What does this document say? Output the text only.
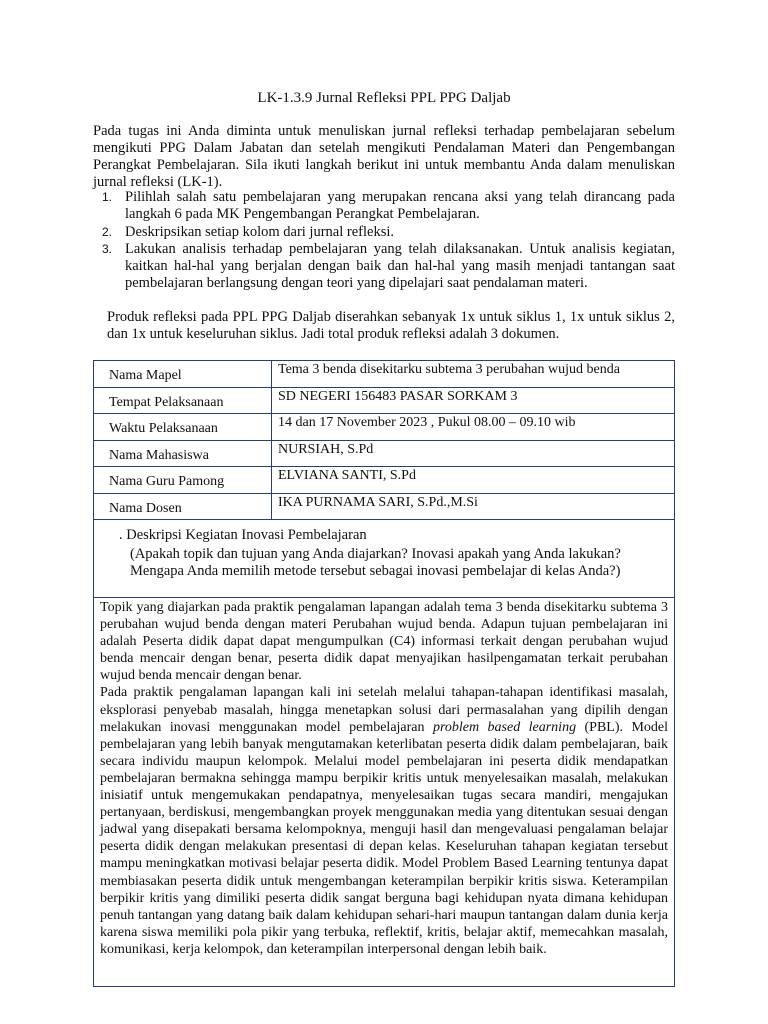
LK-1.3.9 Jurnal Refleksi PPL PPG Daljab

Pada tugas ini Anda diminta untuk menuliskan jurnal refleksi terhadap pembelajaran sebelum mengikuti PPG Dalam Jabatan dan setelah mengikuti Pendalaman Materi dan Pengembangan Perangkat Pembelajaran. Sila ikuti langkah berikut ini untuk membantu Anda dalam menuliskan jurnal refleksi (LK-1).

1. Pilihlah salah satu pembelajaran yang merupakan rencana aksi yang telah dirancang pada langkah 6 pada MK Pengembangan Perangkat Pembelajaran.
2. Deskripsikan setiap kolom dari jurnal refleksi.
3. Lakukan analisis terhadap pembelajaran yang telah dilaksanakan. Untuk analisis kegiatan, kaitkan hal-hal yang berjalan dengan baik dan hal-hal yang masih menjadi tantangan saat pembelajaran berlangsung dengan teori yang dipelajari saat pendalaman materi.
Produk refleksi pada PPL PPG Daljab diserahkan sebanyak 1x untuk siklus 1, 1x untuk siklus 2, dan 1x untuk keseluruhan siklus. Jadi total produk refleksi adalah 3 dokumen.
Nama Mapel	Tema 3 benda disekitarku subtema 3 perubahan wujud benda
Tempat Pelaksanaan	SD NEGERI 156483 PASAR SORKAM 3
Waktu Pelaksanaan	14 dan 17 November 2023 , Pukul 08.00 – 09.10 wib
Nama Mahasiswa	NURSIAH, S.Pd
Nama Guru Pamong	ELVIANA SANTI, S.Pd
Nama Dosen	IKA PURNAMA SARI, S.Pd.,M.Si
. Deskripsi Kegiatan Inovasi Pembelajaran
(Apakah topik dan tujuan yang Anda diajarkan? Inovasi apakah yang Anda lakukan?Mengapa Anda memilih metode tersebut sebagai inovasi pembelajar di kelas Anda?)

Topik yang diajarkan pada praktik pengalaman lapangan adalah tema 3 benda disekitarku subtema 3 perubahan wujud benda dengan materi Perubahan wujud benda. Adapun tujuan pembelajaran ini adalah Peserta didik dapat dapat mengumpulkan (C4) informasi terkait dengan perubahan wujud benda mencair dengan benar, peserta didik dapat menyajikan hasilpengamatan terkait perubahan wujud benda mencair dengan benar.

Pada praktik pengalaman lapangan kali ini setelah melalui tahapan-tahapan identifikasi masalah, eksplorasi penyebab masalah, hingga menetapkan solusi dari permasalahan yang dipilih dengan melakukan inovasi menggunakan model pembelajaran problem based learning (PBL). Model pembelajaran yang lebih banyak mengutamakan keterlibatan peserta didik dalam pembelajaran, baik secara individu maupun kelompok. Melalui model pembelajaran ini peserta didik mendapatkan pembelajaran bermakna sehingga mampu berpikir kritis untuk menyelesaikan masalah, melakukan inisiatif untuk mengemukakan pendapatnya, menyelesaikan tugas secara mandiri, mengajukan pertanyaan, berdiskusi, mengembangkan proyek menggunakan media yang ditentukan sesuai dengan jadwal yang disepakati bersama kelompoknya, menguji hasil dan mengevaluasi pengalaman belajar peserta didik dengan melakukan presentasi di depan kelas. Keseluruhan tahapan kegiatan tersebut mampu meningkatkan motivasi belajar peserta didik. Model Problem Based Learning tentunya dapat membiasakan peserta didik untuk mengembangan keterampilan berpikir kritis siswa. Keterampilan berpikir kritis yang dimiliki peserta didik sangat berguna bagi kehidupan nyata dimana kehidupan penuh tantangan yang datang baik dalam kehidupan sehari-hari maupun tantangan dalam dunia kerja karena siswa memiliki pola pikir yang terbuka, reflektif, kritis, belajar aktif, memecahkan masalah, komunikasi, kerja kelompok, dan keterampilan interpersonal dengan lebih baik.
